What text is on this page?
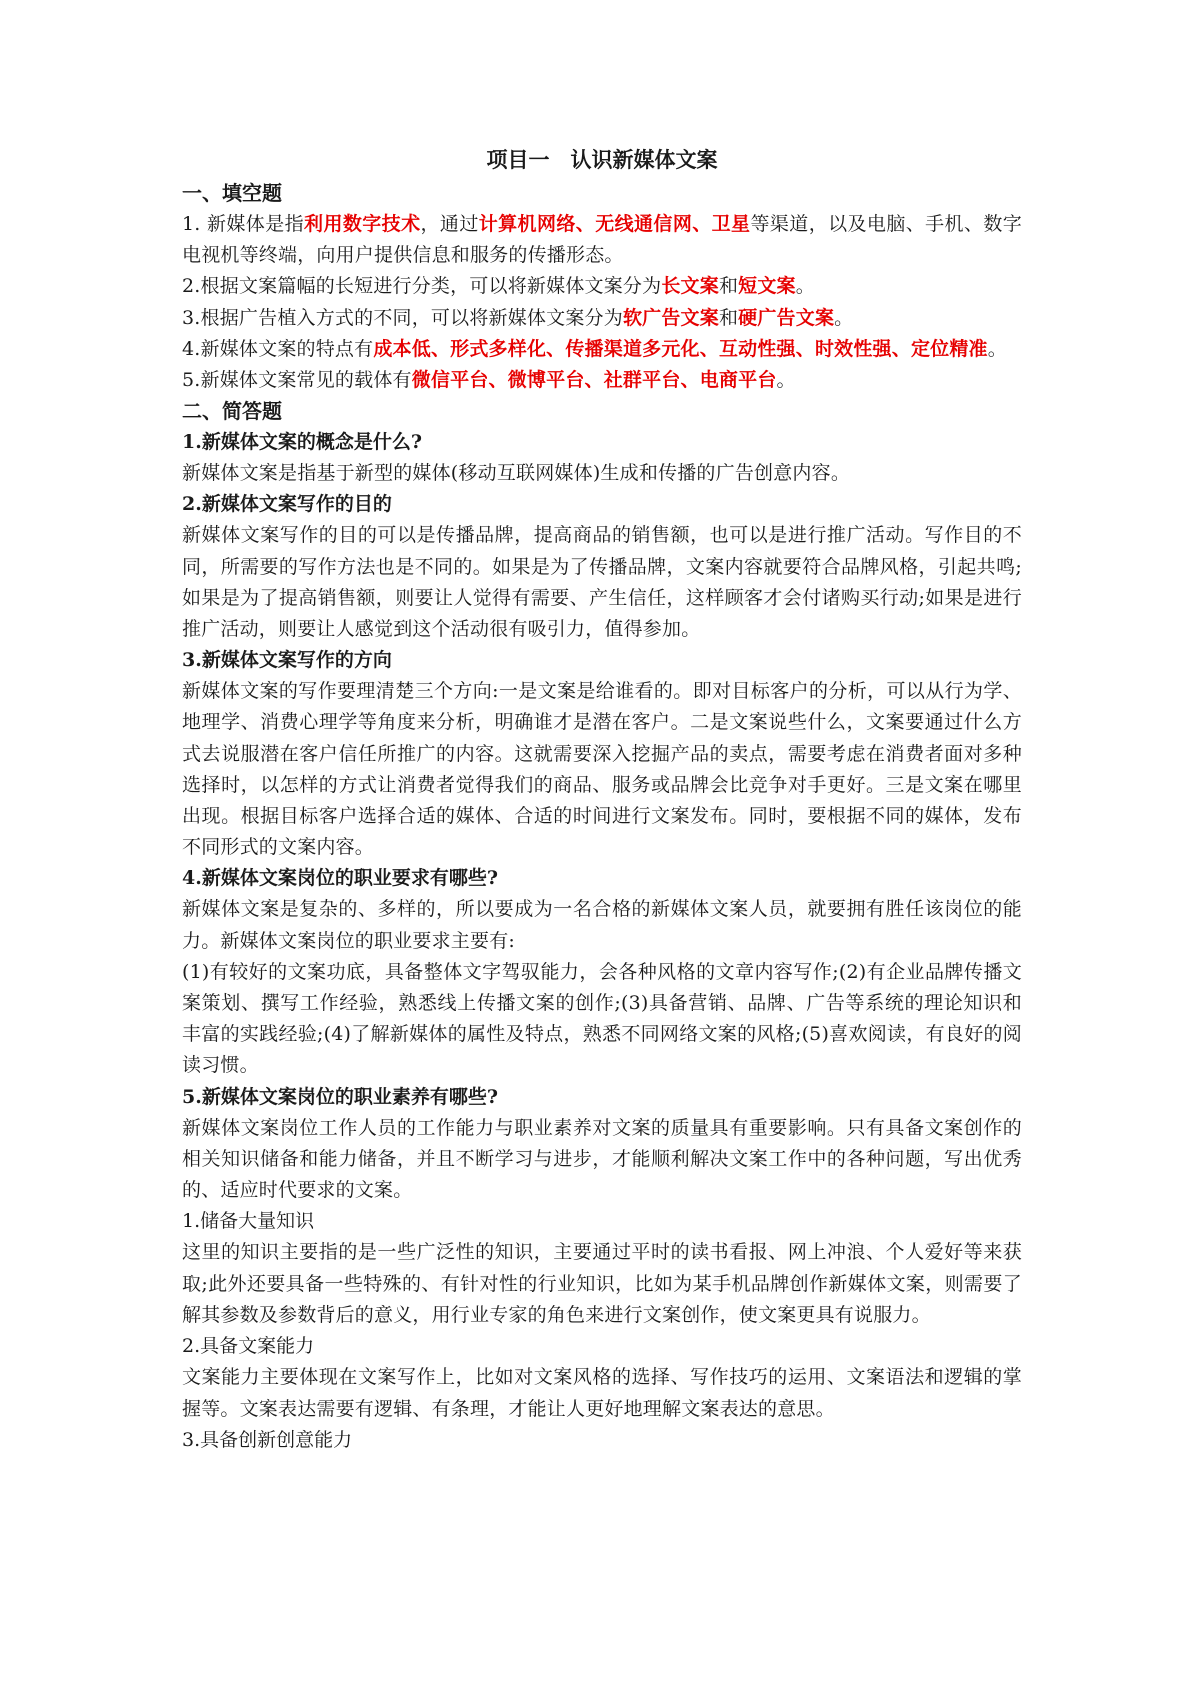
项目一　认识新媒体文案

一、填空题

1. 新媒体是指利用数字技术，通过计算机网络、无线通信网、卫星等渠道，以及电脑、手机、数字电视机等终端，向用户提供信息和服务的传播形态。

2.根据文案篇幅的长短进行分类，可以将新媒体文案分为长文案和短文案。

3.根据广告植入方式的不同，可以将新媒体文案分为软广告文案和硬广告文案。

4.新媒体文案的特点有成本低、形式多样化、传播渠道多元化、互动性强、时效性强、定位精准。

5.新媒体文案常见的载体有微信平台、微博平台、社群平台、电商平台。

二、简答题

1.新媒体文案的概念是什么?

新媒体文案是指基于新型的媒体(移动互联网媒体)生成和传播的广告创意内容。

2.新媒体文案写作的目的

新媒体文案写作的目的可以是传播品牌，提高商品的销售额，也可以是进行推广活动。写作目的不同，所需要的写作方法也是不同的。如果是为了传播品牌，文案内容就要符合品牌风格，引起共鸣;如果是为了提高销售额，则要让人觉得有需要、产生信任，这样顾客才会付诸购买行动;如果是进行推广活动，则要让人感觉到这个活动很有吸引力，值得参加。

3.新媒体文案写作的方向

新媒体文案的写作要理清楚三个方向:一是文案是给谁看的。即对目标客户的分析，可以从行为学、地理学、消费心理学等角度来分析，明确谁才是潜在客户。二是文案说些什么，文案要通过什么方式去说服潜在客户信任所推广的内容。这就需要深入挖掘产品的卖点，需要考虑在消费者面对多种选择时，以怎样的方式让消费者觉得我们的商品、服务或品牌会比竞争对手更好。三是文案在哪里出现。根据目标客户选择合适的媒体、合适的时间进行文案发布。同时，要根据不同的媒体，发布不同形式的文案内容。

4.新媒体文案岗位的职业要求有哪些?

新媒体文案是复杂的、多样的，所以要成为一名合格的新媒体文案人员，就要拥有胜任该岗位的能力。新媒体文案岗位的职业要求主要有:

(1)有较好的文案功底，具备整体文字驾驭能力，会各种风格的文章内容写作;(2)有企业品牌传播文案策划、撰写工作经验，熟悉线上传播文案的创作;(3)具备营销、品牌、广告等系统的理论知识和丰富的实践经验;(4)了解新媒体的属性及特点，熟悉不同网络文案的风格;(5)喜欢阅读，有良好的阅读习惯。

5.新媒体文案岗位的职业素养有哪些?

新媒体文案岗位工作人员的工作能力与职业素养对文案的质量具有重要影响。只有具备文案创作的相关知识储备和能力储备，并且不断学习与进步，才能顺利解决文案工作中的各种问题，写出优秀的、适应时代要求的文案。

1.储备大量知识

这里的知识主要指的是一些广泛性的知识，主要通过平时的读书看报、网上冲浪、个人爱好等来获取;此外还要具备一些特殊的、有针对性的行业知识，比如为某手机品牌创作新媒体文案，则需要了解其参数及参数背后的意义，用行业专家的角色来进行文案创作，使文案更具有说服力。

2.具备文案能力

文案能力主要体现在文案写作上，比如对文案风格的选择、写作技巧的运用、文案语法和逻辑的掌握等。文案表达需要有逻辑、有条理，才能让人更好地理解文案表达的意思。

3.具备创新创意能力
